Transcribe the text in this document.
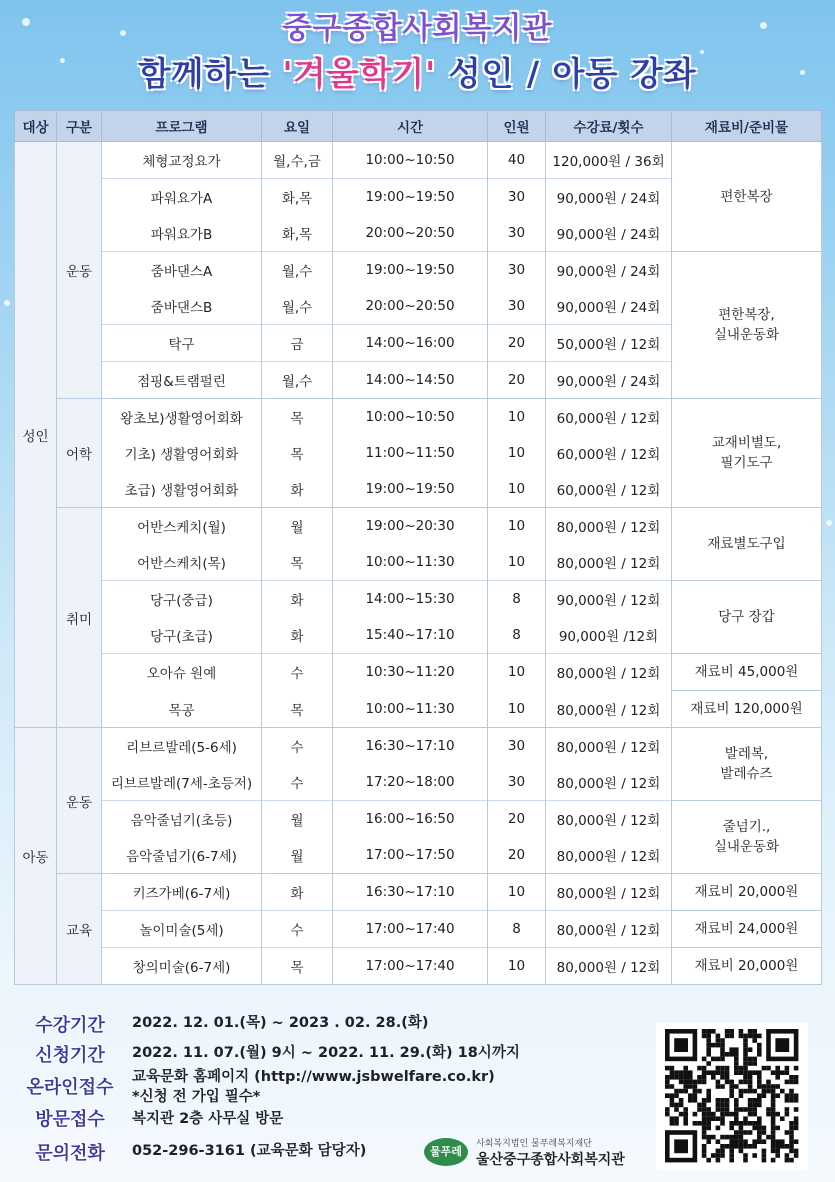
중구종합사회복지관
함께하는 '겨울학기' 성인 / 아동 강좌
대상	구분	프로그램	요일	시간	인원	수강료/횟수	재료비/준비물
성인	운동	체형교정요가	월,수,금	10:00~10:50	40	120,000원 / 36회	편한복장
		파워요가A	화,목	19:00~19:50	30	90,000원 / 24회	
		파워요가B	화,목	20:00~20:50	30	90,000원 / 24회	
		줌바댄스A	월,수	19:00~19:50	30	90,000원 / 24회	편한복장,
실내운동화

		줌바댄스B	월,수	20:00~20:50	30	90,000원 / 24회	
		탁구	금	14:00~16:00	20	50,000원 / 12회	
		점핑&트램펄린	월,수	14:00~14:50	20	90,000원 / 24회	
	어학	왕초보)생활영어회화	목	10:00~10:50	10	60,000원 / 12회	교재비별도,
필기도구

		기초) 생활영어회화	목	11:00~11:50	10	60,000원 / 12회	
		초급) 생활영어회화	화	19:00~19:50	10	60,000원 / 12회	
	취미	어반스케치(월)	월	19:00~20:30	10	80,000원 / 12회	재료별도구입
		어반스케치(목)	목	10:00~11:30	10	80,000원 / 12회	
		당구(중급)	화	14:00~15:30	8	90,000원 / 12회	당구 장갑
		당구(초급)	화	15:40~17:10	8	90,000원 /12회	
		오아슈 원예	수	10:30~11:20	10	80,000원 / 12회	재료비 45,000원
		목공	목	10:00~11:30	10	80,000원 / 12회	재료비 120,000원
아동	운동	리브르발레(5-6세)	수	16:30~17:10	30	80,000원 / 12회	발레복,
발레슈즈

		리브르발레(7세-초등저)	수	17:20~18:00	30	80,000원 / 12회	
		음악줄넘기(초등)	월	16:00~16:50	20	80,000원 / 12회	줄넘기.,
실내운동화

		음악줄넘기(6-7세)	월	17:00~17:50	20	80,000원 / 12회	
	교육	키즈가베(6-7세)	화	16:30~17:10	10	80,000원 / 12회	재료비 20,000원
		놀이미술(5세)	수	17:00~17:40	8	80,000원 / 12회	재료비 24,000원
		창의미술(6-7세)	목	17:00~17:40	10	80,000원 / 12회	재료비 20,000원
수강기간	2022. 12. 01.(목) ~ 2023 . 02. 28.(화)
신청기간	2022. 11. 07.(월) 9시 ~ 2022. 11. 29.(화) 18시까지
온라인접수	교육문화 홈페이지 (http://www.jsbwelfare.co.kr)
*신청 전 가입 필수*
방문접수	복지관 2층 사무실 방문
문의전화	052-296-3161 (교육문화 담당자)	물푸레
사회복지법인 물푸레복지재단
울산중구종합사회복지관
